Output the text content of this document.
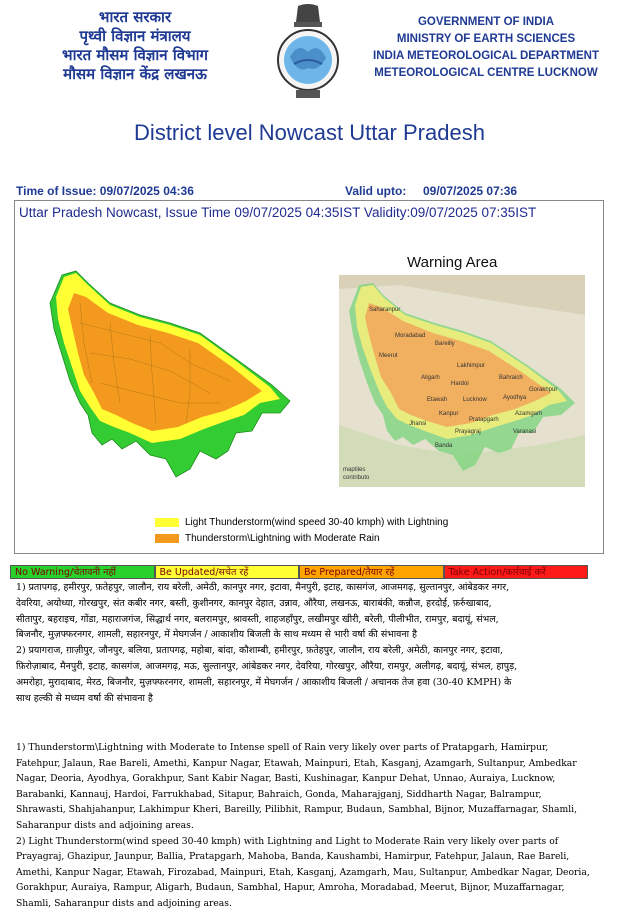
भारत सरकार
पृथ्वी विज्ञान मंत्रालय
भारत मौसम विज्ञान विभाग
मौसम विज्ञान केंद्र लखनऊ
GOVERNMENT OF INDIA
MINISTRY OF EARTH SCIENCES
INDIA METEOROLOGICAL DEPARTMENT
METEOROLOGICAL CENTRE LUCKNOW
District level Nowcast Uttar Pradesh
Time of Issue: 09/07/2025 04:36	Valid upto: 09/07/2025 07:36
Uttar Pradesh Nowcast, Issue Time 09/07/2025 04:35IST Validity:09/07/2025 07:35IST
Warning Area
Saharanpur
Moradabad
Meerut
Bareilly
Lakhimpur
Aligarh
Hardoi
Bahraich
Gorakhpur
Lucknow
Etawah	Ayodhya
Kanpur
Pratapgarh
Azamgarh
Jhansi
Prayagraj	Varanasi
Banda
maptiles
contributo
Light Thunderstorm(wind speed 30-40 kmph) with Lightning
Thunderstorm\Lightning with Moderate Rain
No Warning/चेतावनी नहीं	Be Updated/सचेत रहें	Be Prepared/तैयार रहें	Take Action/कार्रवाई करें
1) प्रतापगढ़, हमीरपुर, फ़तेहपुर, जालौन, राय बरेली, अमेठी, कानपुर नगर, इटावा, मैनपुरी, इटाह, कासगंज, आजमगढ़, सुल्तानपुर, आंबेडकर नगर,
देवरिया, अयोध्या, गोरखपुर, संत कबीर नगर, बस्ती, कुशीनगर, कानपुर देहात, उन्नाव, औरैया, लखनऊ, बाराबंकी, कन्नौज, हरदोई, फ़र्रुखाबाद,
सीतापुर, बहराइच, गोंडा, महाराजगंज, सिद्धार्थ नगर, बलरामपुर, श्रावस्ती, शाहजहाँपुर, लखीमपुर खीरी, बरेली, पीलीभीत, रामपुर, बदायूं, संभल,
बिजनौर, मुज़फ्फरनगर, शामली, सहारनपुर, में मेघगर्जन / आकाशीय बिजली के साथ मध्यम से भारी वर्षा की संभावना है
2) प्रयागराज, ग़ाज़ीपुर, जौनपुर, बलिया, प्रतापगढ़, महोबा, बांदा, कौशाम्बी, हमीरपुर, फ़तेहपुर, जालौन, राय बरेली, अमेठी, कानपुर नगर, इटावा,
फ़िरोज़ाबाद, मैनपुरी, इटाह, कासगंज, आजमगढ़, मऊ, सुल्तानपुर, आंबेडकर नगर, देवरिया, गोरखपुर, औरैया, रामपुर, अलीगढ़, बदायूं, संभल, हापुड़,
अमरोहा, मुरादाबाद, मेरठ, बिजनौर, मुज़फ्फरनगर, शामली, सहारनपुर, में मेघगर्जन / आकाशीय बिजली / अचानक तेज हवा (30-40 KMPH) के
साथ हल्की से मध्यम वर्षा की संभावना है
1) Thunderstorm\Lightning with Moderate to Intense spell of Rain very likely over parts of Pratapgarh, Hamirpur,
Fatehpur, Jalaun, Rae Bareli, Amethi, Kanpur Nagar, Etawah, Mainpuri, Etah, Kasganj, Azamgarh, Sultanpur, Ambedkar
Nagar, Deoria, Ayodhya, Gorakhpur, Sant Kabir Nagar, Basti, Kushinagar, Kanpur Dehat, Unnao, Auraiya, Lucknow,
Barabanki, Kannauj, Hardoi, Farrukhabad, Sitapur, Bahraich, Gonda, Maharajganj, Siddharth Nagar, Balrampur,
Shrawasti, Shahjahanpur, Lakhimpur Kheri, Bareilly, Pilibhit, Rampur, Budaun, Sambhal, Bijnor, Muzaffarnagar, Shamli,
Saharanpur dists and adjoining areas.
2) Light Thunderstorm(wind speed 30-40 kmph) with Lightning and Light to Moderate Rain very likely over parts of
Prayagraj, Ghazipur, Jaunpur, Ballia, Pratapgarh, Mahoba, Banda, Kaushambi, Hamirpur, Fatehpur, Jalaun, Rae Bareli,
Amethi, Kanpur Nagar, Etawah, Firozabad, Mainpuri, Etah, Kasganj, Azamgarh, Mau, Sultanpur, Ambedkar Nagar, Deoria,
Gorakhpur, Auraiya, Rampur, Aligarh, Budaun, Sambhal, Hapur, Amroha, Moradabad, Meerut, Bijnor, Muzaffarnagar,
Shamli, Saharanpur dists and adjoining areas.
